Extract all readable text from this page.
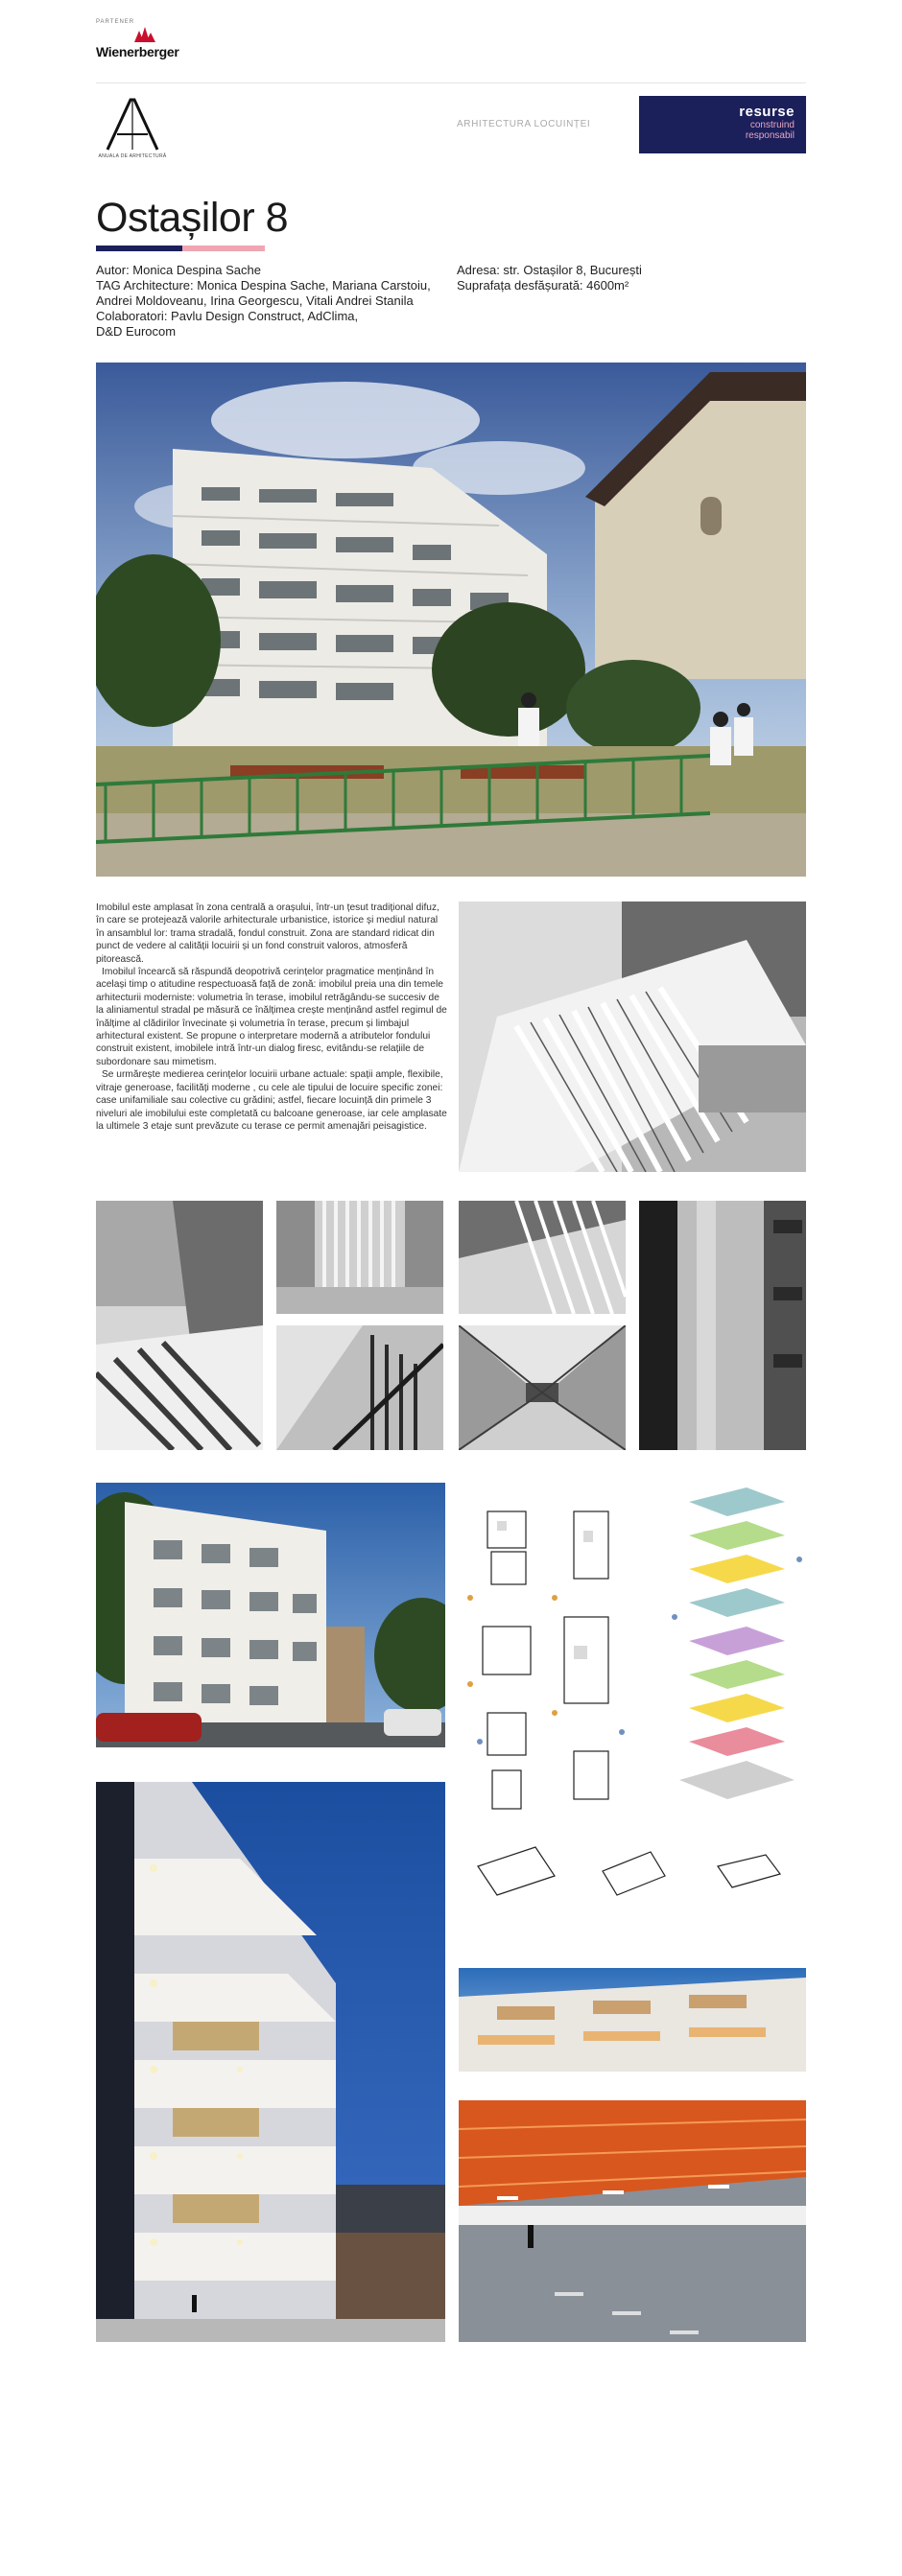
PARTENER
Wienerberger
ANUALA DE ARHITECTURĂ
ARHITECTURA LOCUINȚEI
resurse
construind
responsabil
Ostașilor 8
Autor: Monica Despina Sache
TAG Architecture: Monica Despina Sache, Mariana Carstoiu, Andrei Moldoveanu, Irina Georgescu, Vitali Andrei Stanila
Colaboratori: Pavlu Design Construct, AdClima,
D&D Eurocom
Adresa: str. Ostașilor 8, București
Suprafața desfășurată: 4600m²

Imobilul este amplasat în zona centrală a orașului, într-un țesut tradițional difuz, în care se protejează valorile arhitecturale urbanistice, istorice și mediul natural în ansamblul lor: trama stradală, fondul construit. Zona are standard ridicat din punct de vedere al calității locuirii și un fond construit valoros, atmosferă pitorească.

Imobilul încearcă să răspundă deopotrivă cerințelor pragmatice menținând în același timp o atitudine respectuoasă față de zonă: imobilul preia una din temele arhitecturii moderniste: volumetria în terase, imobilul retrăgându-se succesiv de la aliniamentul stradal pe măsură ce înălțimea crește menținând astfel regimul de înălțime al clădirilor învecinate și volumetria în terase, precum și limbajul arhitectural existent. Se propune o interpretare modernă a atributelor fondului construit existent, imobilele intră într-un dialog firesc, evitându-se relațiile de subordonare sau mimetism.

Se urmărește medierea cerințelor locuirii urbane actuale: spații ample, flexibile, vitraje generoase, facilități moderne , cu cele ale tipului de locuire specific zonei: case unifamiliale sau colective cu grădini; astfel, fiecare locuință din primele 3 niveluri ale imobilului este completată cu balcoane generoase, iar cele amplasate la ultimele 3 etaje sunt prevăzute cu terase ce permit amenajări peisagistice.
